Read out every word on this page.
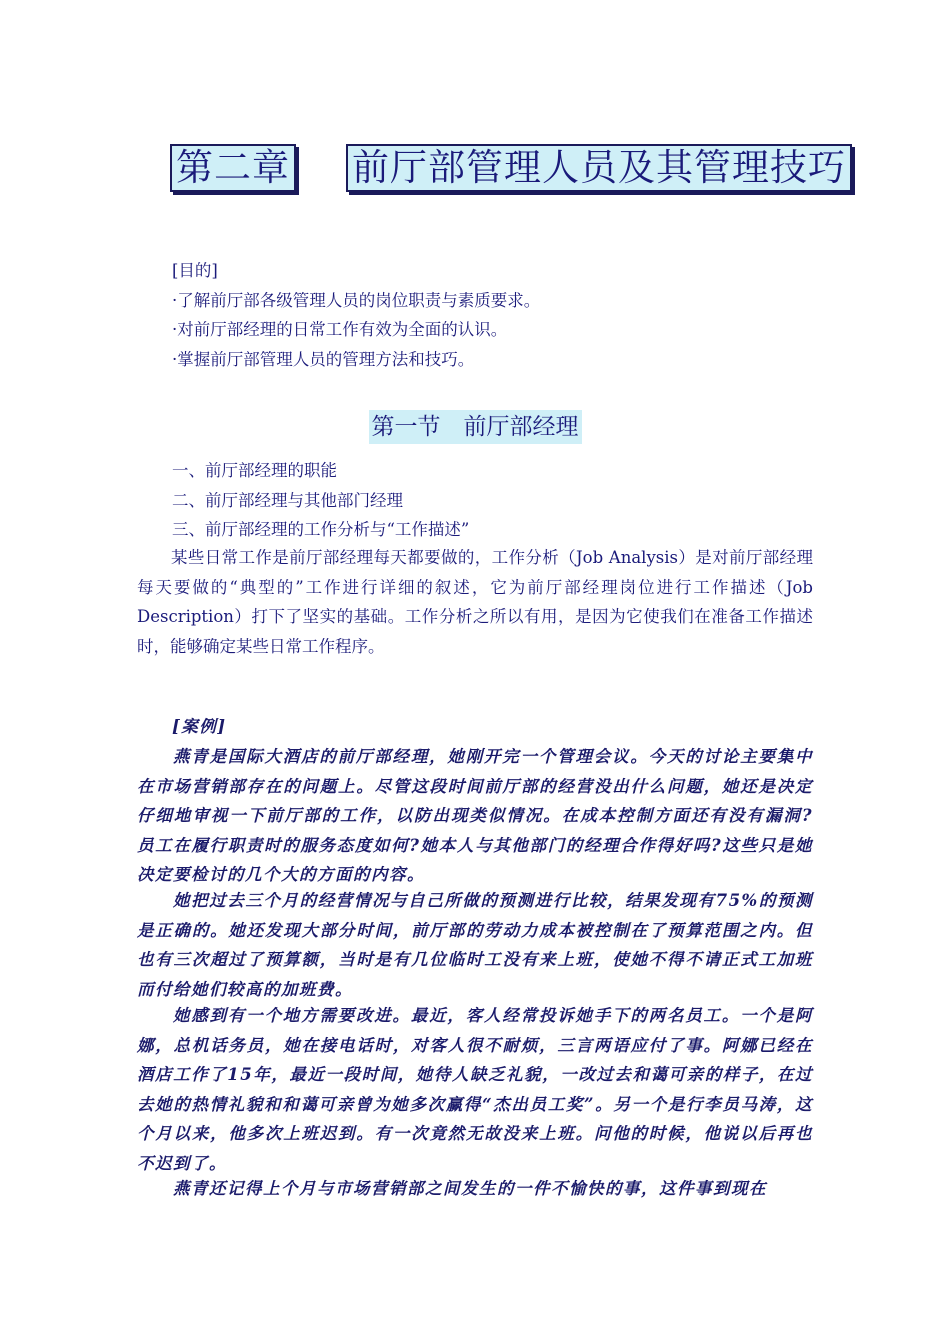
第二章 前厅部管理人员及其管理技巧
[目的]
·了解前厅部各级管理人员的岗位职责与素质要求。
·对前厅部经理的日常工作有效为全面的认识。
·掌握前厅部管理人员的管理方法和技巧。
第一节　前厅部经理
一、前厅部经理的职能
二、前厅部经理与其他部门经理
三、前厅部经理的工作分析与“工作描述”
某些日常工作是前厅部经理每天都要做的，工作分析（Job Analysis）是对前厅部经理每天要做的“典型的”工作进行详细的叙述，它为前厅部经理岗位进行工作描述（Job Description）打下了坚实的基础。工作分析之所以有用，是因为它使我们在准备工作描述时，能够确定某些日常工作程序。
[案例]
燕青是国际大酒店的前厅部经理，她刚开完一个管理会议。今天的讨论主要集中在市场营销部存在的问题上。尽管这段时间前厅部的经营没出什么问题，她还是决定仔细地审视一下前厅部的工作，以防出现类似情况。在成本控制方面还有没有漏洞?员工在履行职责时的服务态度如何?她本人与其他部门的经理合作得好吗?这些只是她决定要检讨的几个大的方面的内容。
她把过去三个月的经营情况与自己所做的预测进行比较，结果发现有75%的预测是正确的。她还发现大部分时间，前厅部的劳动力成本被控制在了预算范围之内。但也有三次超过了预算额，当时是有几位临时工没有来上班，使她不得不请正式工加班而付给她们较高的加班费。
她感到有一个地方需要改进。最近，客人经常投诉她手下的两名员工。一个是阿娜，总机话务员，她在接电话时，对客人很不耐烦，三言两语应付了事。阿娜已经在酒店工作了15年，最近一段时间，她待人缺乏礼貌，一改过去和蔼可亲的样子，在过去她的热情礼貌和和蔼可亲曾为她多次赢得“杰出员工奖”。另一个是行李员马涛，这个月以来，他多次上班迟到。有一次竟然无故没来上班。问他的时候，他说以后再也不迟到了。
燕青还记得上个月与市场营销部之间发生的一件不愉快的事，这件事到现在
